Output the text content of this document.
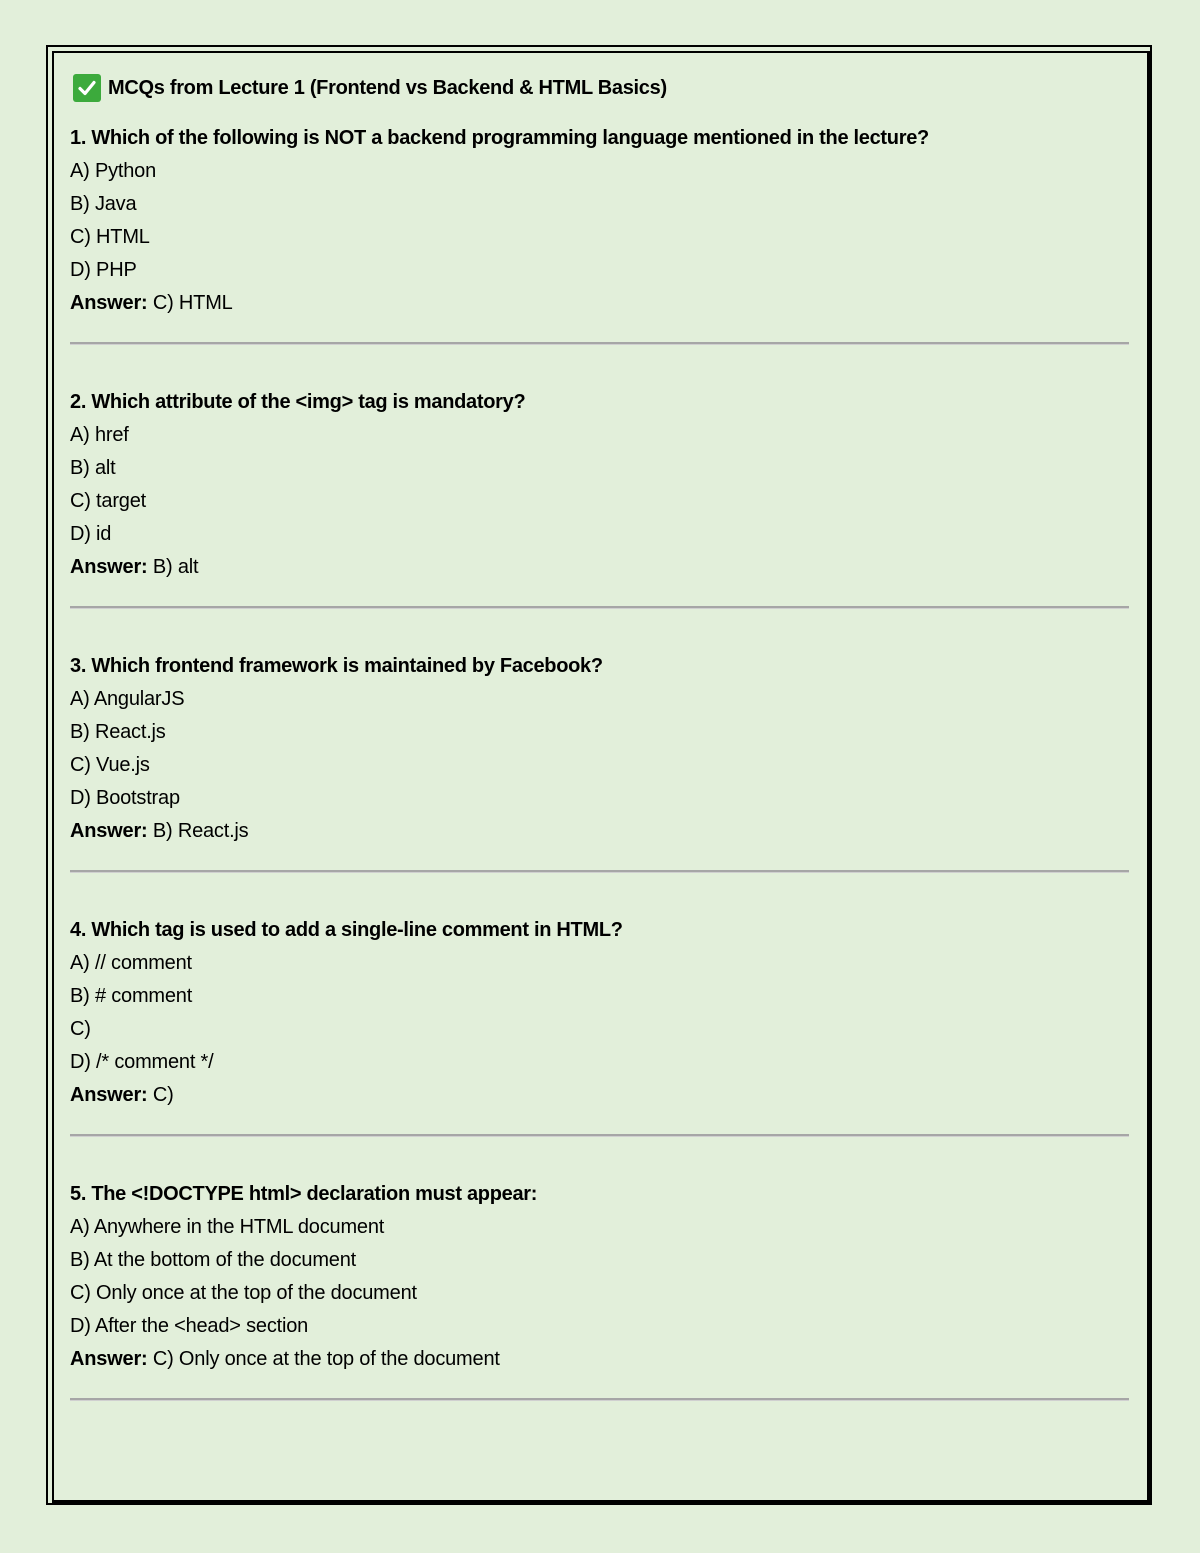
MCQs from Lecture 1 (Frontend vs Backend & HTML Basics)
1. Which of the following is NOT a backend programming language mentioned in the lecture?
A) Python
B) Java
C) HTML
D) PHP
Answer: C) HTML
2. Which attribute of the <img> tag is mandatory?
A) href
B) alt
C) target
D) id
Answer: B) alt
3. Which frontend framework is maintained by Facebook?
A) AngularJS
B) React.js
C) Vue.js
D) Bootstrap
Answer: B) React.js
4. Which tag is used to add a single-line comment in HTML?
A) // comment
B) # comment
C)
D) /* comment */
Answer: C)
5. The <!DOCTYPE html> declaration must appear:
A) Anywhere in the HTML document
B) At the bottom of the document
C) Only once at the top of the document
D) After the <head> section
Answer: C) Only once at the top of the document
